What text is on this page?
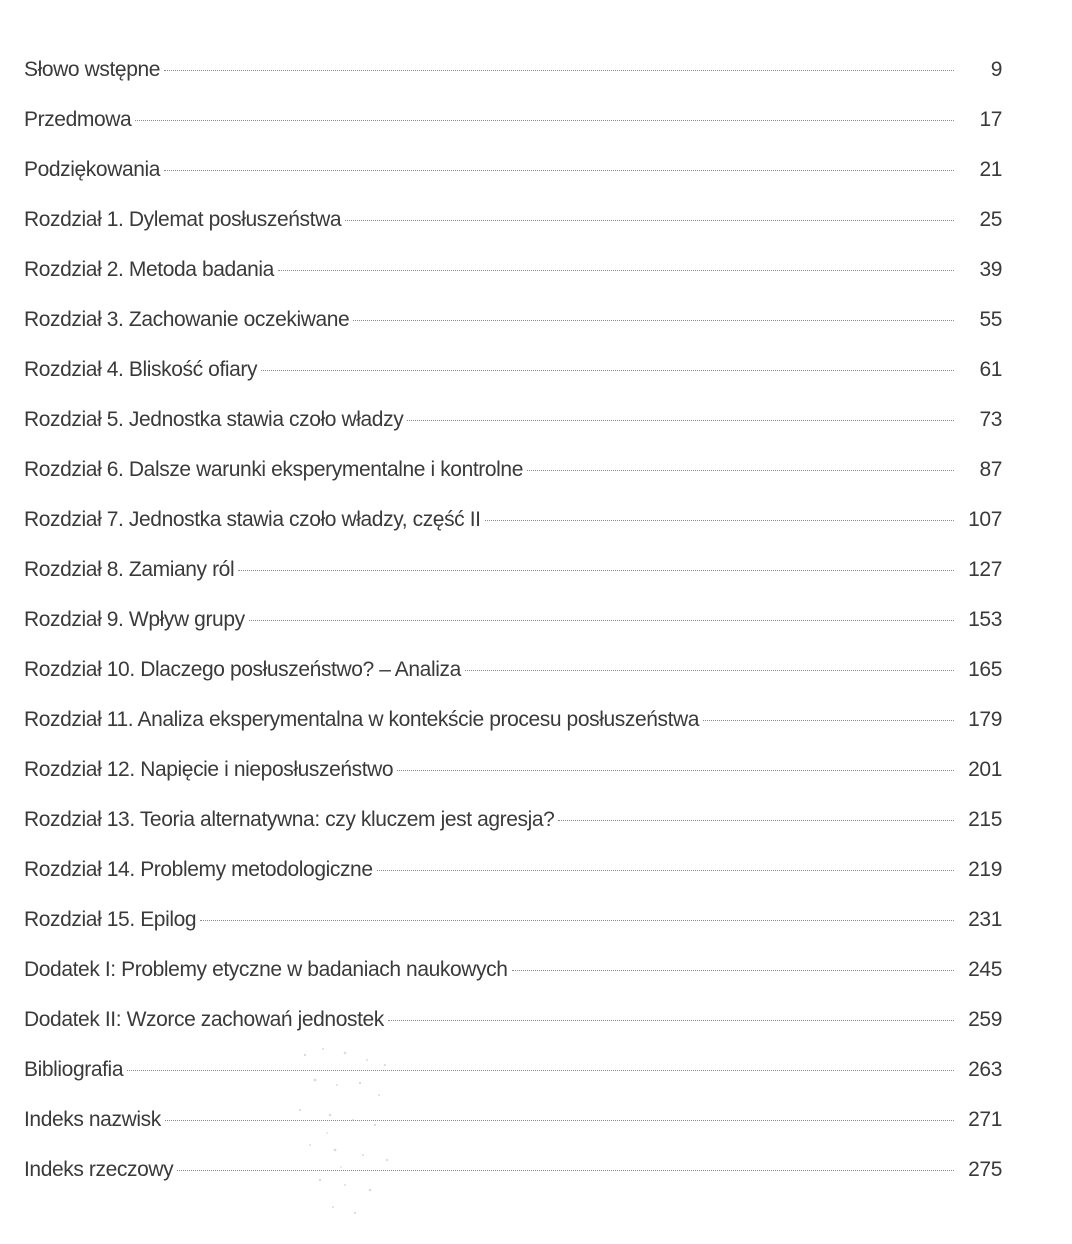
Słowo wstępne	9
Przedmowa	17
Podziękowania	21
Rozdział 1. Dylemat posłuszeństwa	25
Rozdział 2. Metoda badania	39
Rozdział 3. Zachowanie oczekiwane	55
Rozdział 4. Bliskość ofiary	61
Rozdział 5. Jednostka stawia czoło władzy	73
Rozdział 6. Dalsze warunki eksperymentalne i kontrolne	87
Rozdział 7. Jednostka stawia czoło władzy, część II	107
Rozdział 8. Zamiany ról	127
Rozdział 9. Wpływ grupy	153
Rozdział 10. Dlaczego posłuszeństwo? – Analiza	165
Rozdział 11. Analiza eksperymentalna w kontekście procesu posłuszeństwa	179
Rozdział 12. Napięcie i nieposłuszeństwo	201
Rozdział 13. Teoria alternatywna: czy kluczem jest agresja?	215
Rozdział 14. Problemy metodologiczne	219
Rozdział 15. Epilog	231
Dodatek I: Problemy etyczne w badaniach naukowych	245
Dodatek II: Wzorce zachowań jednostek	259
Bibliografia	263
Indeks nazwisk	271
Indeks rzeczowy	275
